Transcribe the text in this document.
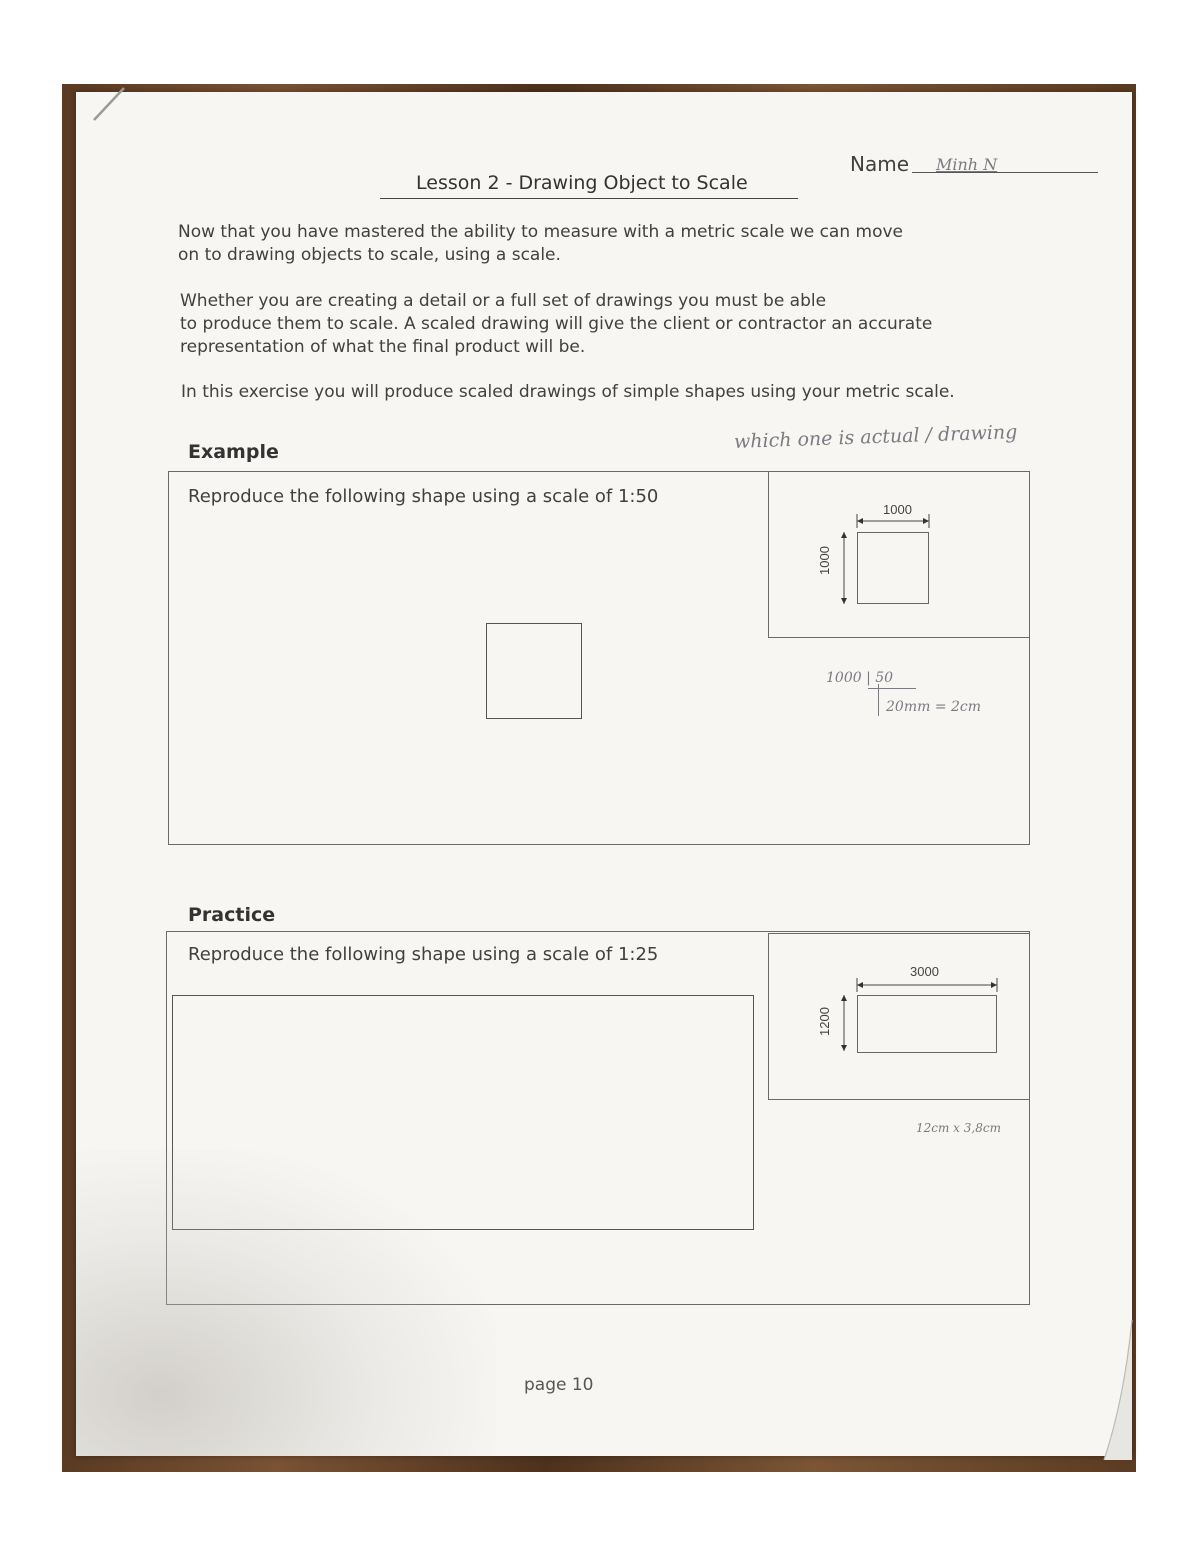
Name Minh N
Lesson 2 - Drawing Object to Scale
Now that you have mastered the ability to measure with a metric scale we can move
on to drawing objects to scale, using a scale.
Whether you are creating a detail or a full set of drawings you must be able
to produce them to scale. A scaled drawing will give the client or contractor an accurate
representation of what the final product will be.
In this exercise you will produce scaled drawings of simple shapes using your metric scale.
Example	which one is actual / drawing
Reproduce the following shape using a scale of 1:50
1000
1000
1000 | 50
20mm = 2cm
Practice
Reproduce the following shape using a scale of 1:25
3000
1200
12cm x 3,8cm
page 10
